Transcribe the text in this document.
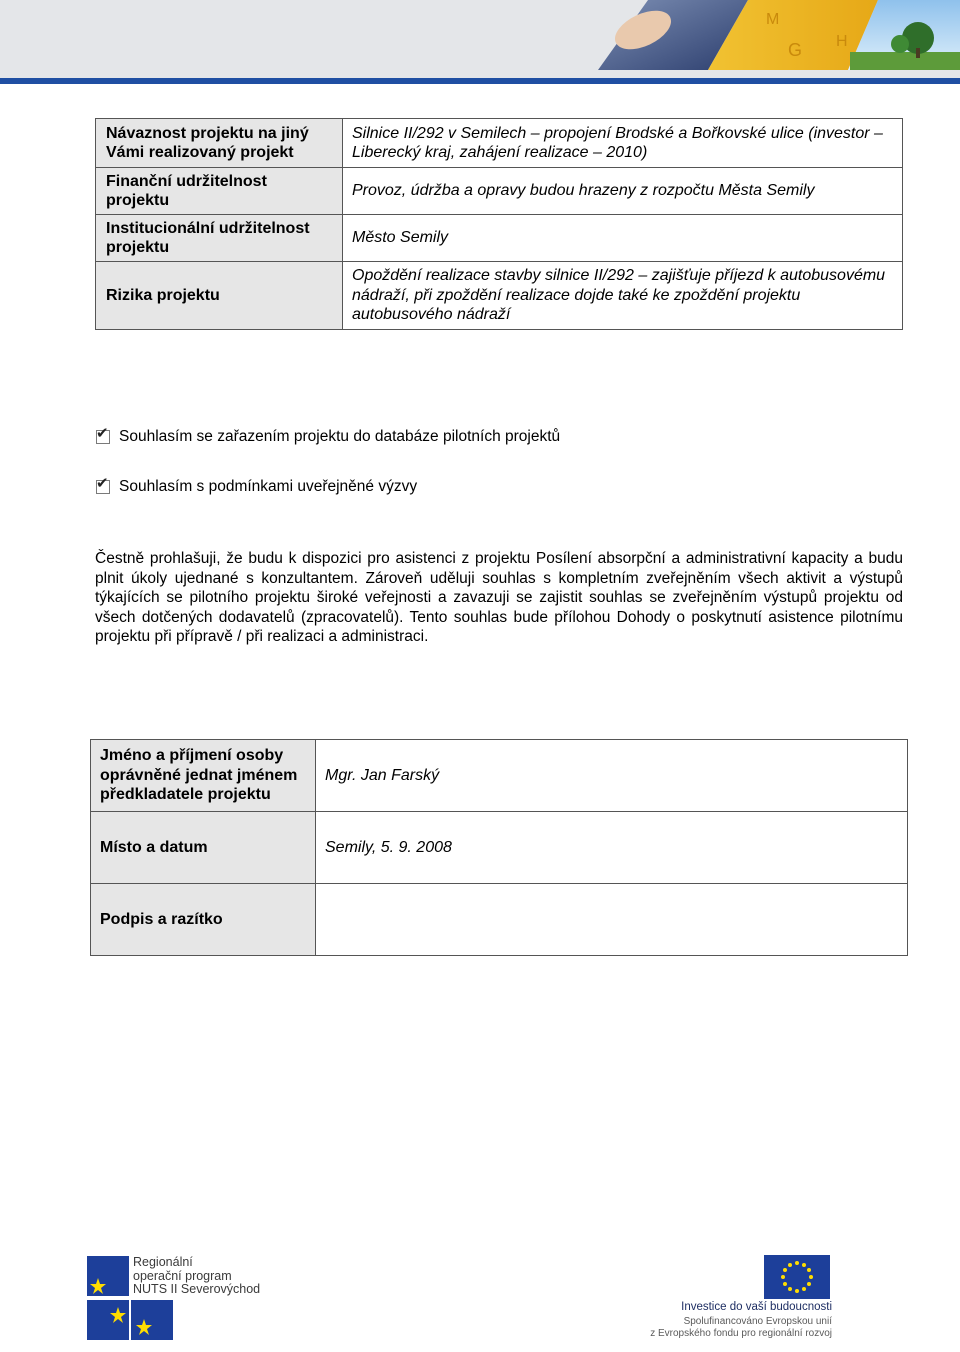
M
G H
Návaznost projektu na jiný Vámi realizovaný projekt	Silnice II/292 v Semilech – propojení Brodské a Bořkovské ulice (investor – Liberecký kraj, zahájení realizace – 2010)
Finanční udržitelnost projektu	Provoz, údržba a opravy budou hrazeny z rozpočtu Města Semily
Institucionální udržitelnost projektu	Město Semily
Rizika projektu	Opoždění realizace stavby silnice II/292 – zajišťuje příjezd k autobusovému nádraží, při zpoždění realizace dojde také ke zpoždění projektu autobusového nádraží
✔ Souhlasím se zařazením projektu do databáze pilotních projektů
✔ Souhlasím s podmínkami uveřejněné výzvy

Čestně prohlašuji, že budu k dispozici pro asistenci z projektu Posílení absorpční a administrativní kapacity a budu plnit úkoly ujednané s konzultantem. Zároveň uděluji souhlas s kompletním zveřejněním všech aktivit a výstupů týkajících se pilotního projektu široké veřejnosti a zavazuji se zajistit souhlas se zveřejněním výstupů projektu od všech dotčených dodavatelů (zpracovatelů). Tento souhlas bude přílohou Dohody o poskytnutí asistence pilotnímu projektu při přípravě / při realizaci a administraci.

Jméno a příjmení osoby oprávněné jednat jménem předkladatele projektu	Mgr. Jan Farský
Místo a datum	Semily, 5. 9. 2008
Podpis a razítko	
Regionální
operační program
NUTS II Severovýchod
Investice do vaší budoucnosti
Spolufinancováno Evropskou unií
z Evropského fondu pro regionální rozvoj
